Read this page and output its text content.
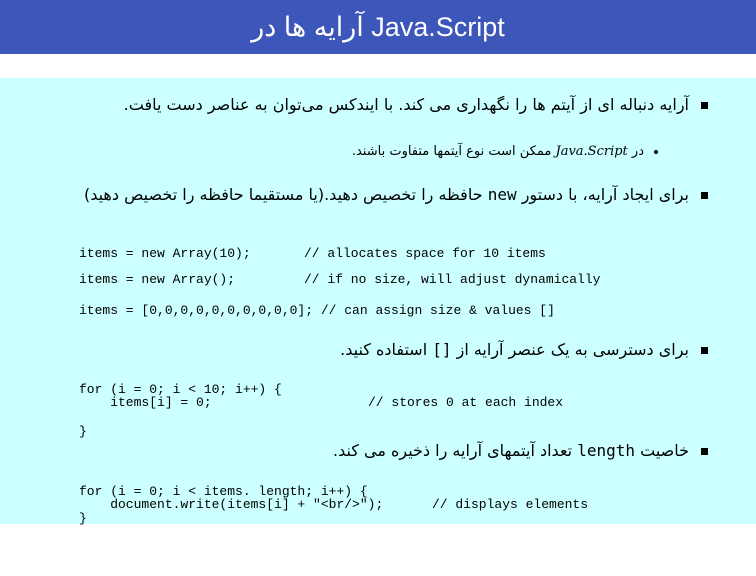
آرایه ها در Java.Script
آرایه دنباله ای از آیتم ها را نگهداری می کند. با ایندکس می‌توان به عناصر دست یافت.
در Java.Script ممکن است نوع آیتمها متفاوت باشند.
برای ایجاد آرایه، با دستور new حافظه را تخصیص دهید.(یا مستقیما حافظه را تخصیص دهید)
items = new Array(10);	// allocates space for 10 items
items = new Array();	// if no size, will adjust dynamically
items = [0,0,0,0,0,0,0,0,0,0]; // can assign size & values []
برای دسترسی به یک عنصر آرایه از [] استفاده کنید.
for (i = 0; i < 10; i++) {
items[i] = 0;	// stores 0 at each index
}
خاصیت length تعداد آیتمهای آرایه را ذخیره می کند.
for (i = 0; i < items. length; i++) {
document.write(items[i] + "<br/>");	// displays elements
}
